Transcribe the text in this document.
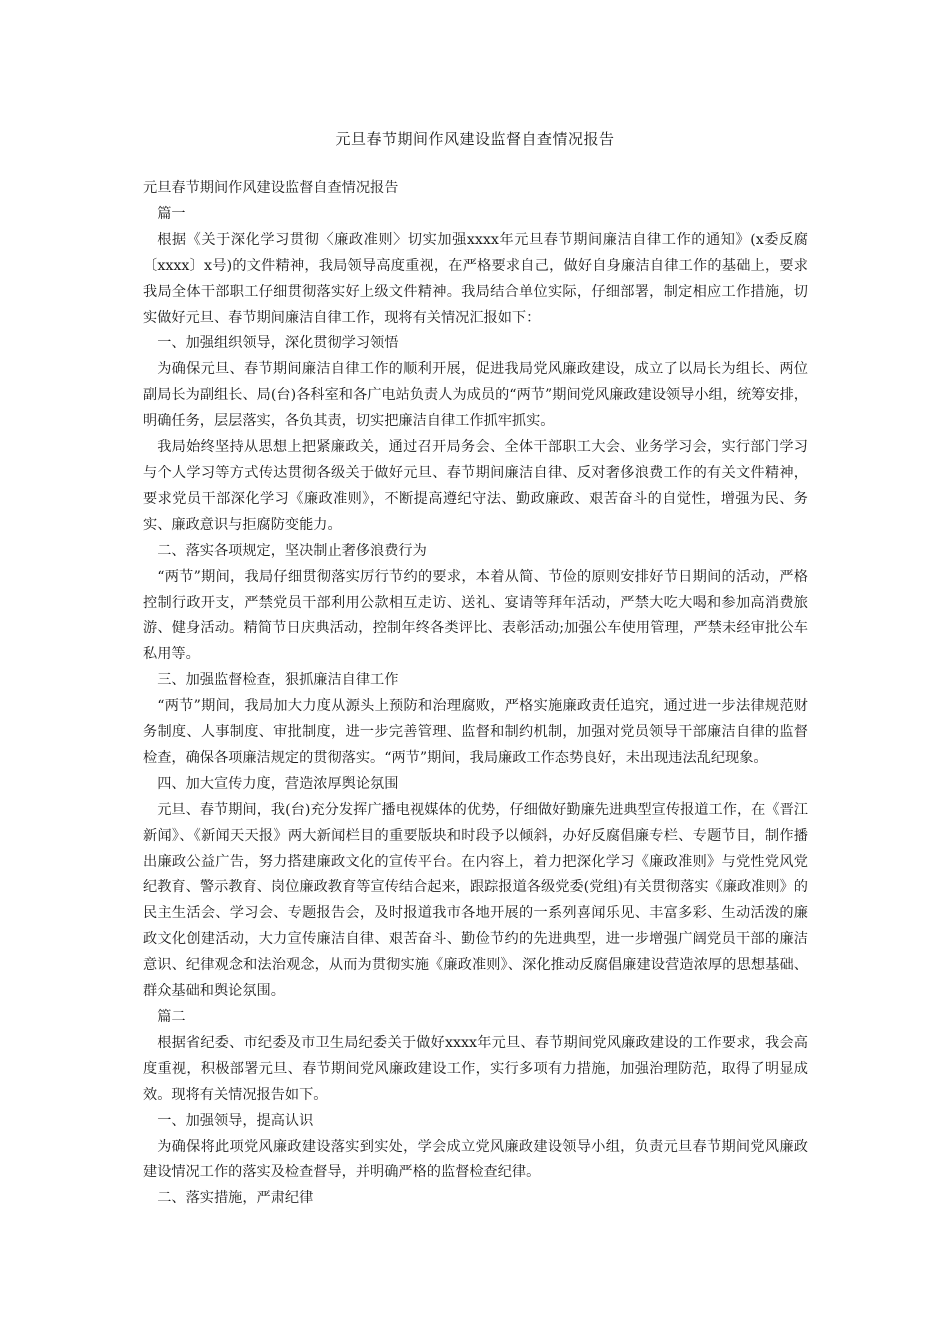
元旦春节期间作风建设监督自查情况报告

元旦春节期间作风建设监督自查情况报告

篇一

根据《关于深化学习贯彻〈廉政准则〉切实加强xxxx年元旦春节期间廉洁自律工作的通知》(x委反腐〔xxxx〕x号)的文件精神，我局领导高度重视，在严格要求自己，做好自身廉洁自律工作的基础上，要求我局全体干部职工仔细贯彻落实好上级文件精神。我局结合单位实际，仔细部署，制定相应工作措施，切实做好元旦、春节期间廉洁自律工作，现将有关情况汇报如下：

一、加强组织领导，深化贯彻学习领悟

为确保元旦、春节期间廉洁自律工作的顺利开展，促进我局党风廉政建设，成立了以局长为组长、两位副局长为副组长、局(台)各科室和各广电站负责人为成员的“两节”期间党风廉政建设领导小组，统筹安排，明确任务，层层落实，各负其责，切实把廉洁自律工作抓牢抓实。

我局始终坚持从思想上把紧廉政关，通过召开局务会、全体干部职工大会、业务学习会，实行部门学习与个人学习等方式传达贯彻各级关于做好元旦、春节期间廉洁自律、反对奢侈浪费工作的有关文件精神，要求党员干部深化学习《廉政准则》，不断提高遵纪守法、勤政廉政、艰苦奋斗的自觉性，增强为民、务实、廉政意识与拒腐防变能力。

二、落实各项规定，坚决制止奢侈浪费行为

“两节”期间，我局仔细贯彻落实厉行节约的要求，本着从简、节俭的原则安排好节日期间的活动，严格控制行政开支，严禁党员干部利用公款相互走访、送礼、宴请等拜年活动，严禁大吃大喝和参加高消费旅游、健身活动。精简节日庆典活动，控制年终各类评比、表彰活动;加强公车使用管理，严禁未经审批公车私用等。

三、加强监督检查，狠抓廉洁自律工作

“两节”期间，我局加大力度从源头上预防和治理腐败，严格实施廉政责任追究，通过进一步法律规范财务制度、人事制度、审批制度，进一步完善管理、监督和制约机制，加强对党员领导干部廉洁自律的监督检查，确保各项廉洁规定的贯彻落实。“两节”期间，我局廉政工作态势良好，未出现违法乱纪现象。

四、加大宣传力度，营造浓厚舆论氛围

元旦、春节期间，我(台)充分发挥广播电视媒体的优势，仔细做好勤廉先进典型宣传报道工作，在《晋江新闻》、《新闻天天报》两大新闻栏目的重要版块和时段予以倾斜，办好反腐倡廉专栏、专题节目，制作播出廉政公益广告，努力搭建廉政文化的宣传平台。在内容上，着力把深化学习《廉政准则》与党性党风党纪教育、警示教育、岗位廉政教育等宣传结合起来，跟踪报道各级党委(党组)有关贯彻落实《廉政准则》的民主生活会、学习会、专题报告会，及时报道我市各地开展的一系列喜闻乐见、丰富多彩、生动活泼的廉政文化创建活动，大力宣传廉洁自律、艰苦奋斗、勤俭节约的先进典型，进一步增强广阔党员干部的廉洁意识、纪律观念和法治观念，从而为贯彻实施《廉政准则》、深化推动反腐倡廉建设营造浓厚的思想基础、群众基础和舆论氛围。

篇二

根据省纪委、市纪委及市卫生局纪委关于做好xxxx年元旦、春节期间党风廉政建设的工作要求，我会高度重视，积极部署元旦、春节期间党风廉政建设工作，实行多项有力措施，加强治理防范，取得了明显成效。现将有关情况报告如下。

一、加强领导，提高认识

为确保将此项党风廉政建设落实到实处，学会成立党风廉政建设领导小组，负责元旦春节期间党风廉政建设情况工作的落实及检查督导，并明确严格的监督检查纪律。

二、落实措施，严肃纪律
